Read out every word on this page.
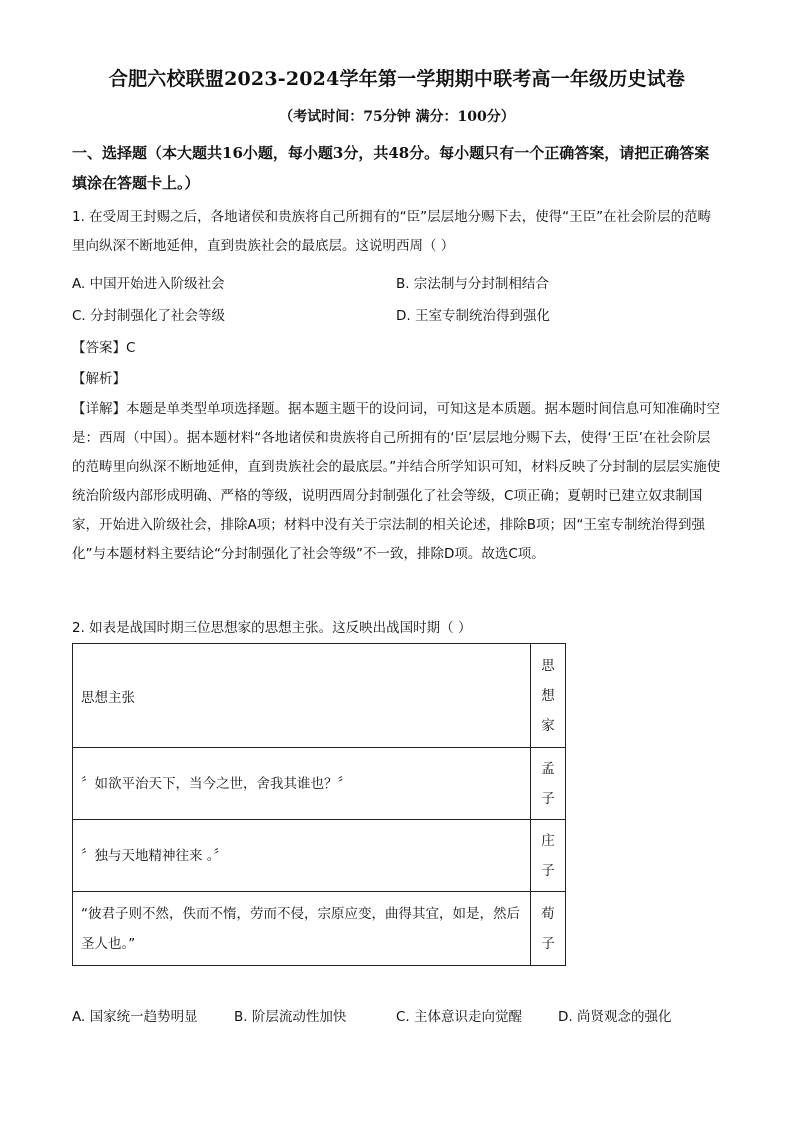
合肥六校联盟2023-2024学年第一学期期中联考高一年级历史试卷
（考试时间：75分钟 满分：100分）
一、选择题（本大题共16小题，每小题3分，共48分。每小题只有一个正确答案，请把正确答案填涂在答题卡上。）
1. 在受周王封赐之后，各地诸侯和贵族将自己所拥有的“臣”层层地分赐下去，使得“王臣”在社会阶层的范畴里向纵深不断地延伸，直到贵族社会的最底层。这说明西周（ ）
A. 中国开始进入阶级社会	B. 宗法制与分封制相结合
C. 分封制强化了社会等级	D. 王室专制统治得到强化
【答案】C
【解析】
【详解】本题是单类型单项选择题。据本题主题干的设问词，可知这是本质题。据本题时间信息可知准确时空是：西周（中国）。据本题材料“各地诸侯和贵族将自己所拥有的‘臣’层层地分赐下去，使得‘王臣’在社会阶层的范畴里向纵深不断地延伸，直到贵族社会的最底层。”并结合所学知识可知，材料反映了分封制的层层实施使统治阶级内部形成明确、严格的等级，说明西周分封制强化了社会等级，C项正确；夏朝时已建立奴隶制国家，开始进入阶级社会，排除A项；材料中没有关于宗法制的相关论述，排除B项；因“王室专制统治得到强化”与本题材料主要结论“分封制强化了社会等级”不一致，排除D项。故选C项。
2. 如表是战国时期三位思想家的思想主张。这反映出战国时期（ ）
思想主张	思
想
家

〞如欲平治天下，当今之世，舍我其谁也？〞	孟
子

〞独与天地精神往来 。〞	庄
子

“彼君子则不然，佚而不惰，劳而不侵，宗原应变，曲得其宜，如是，然后圣人也。”	荀
子
A. 国家统一趋势明显	B. 阶层流动性加快	C. 主体意识走向觉醒	D. 尚贤观念的强化
